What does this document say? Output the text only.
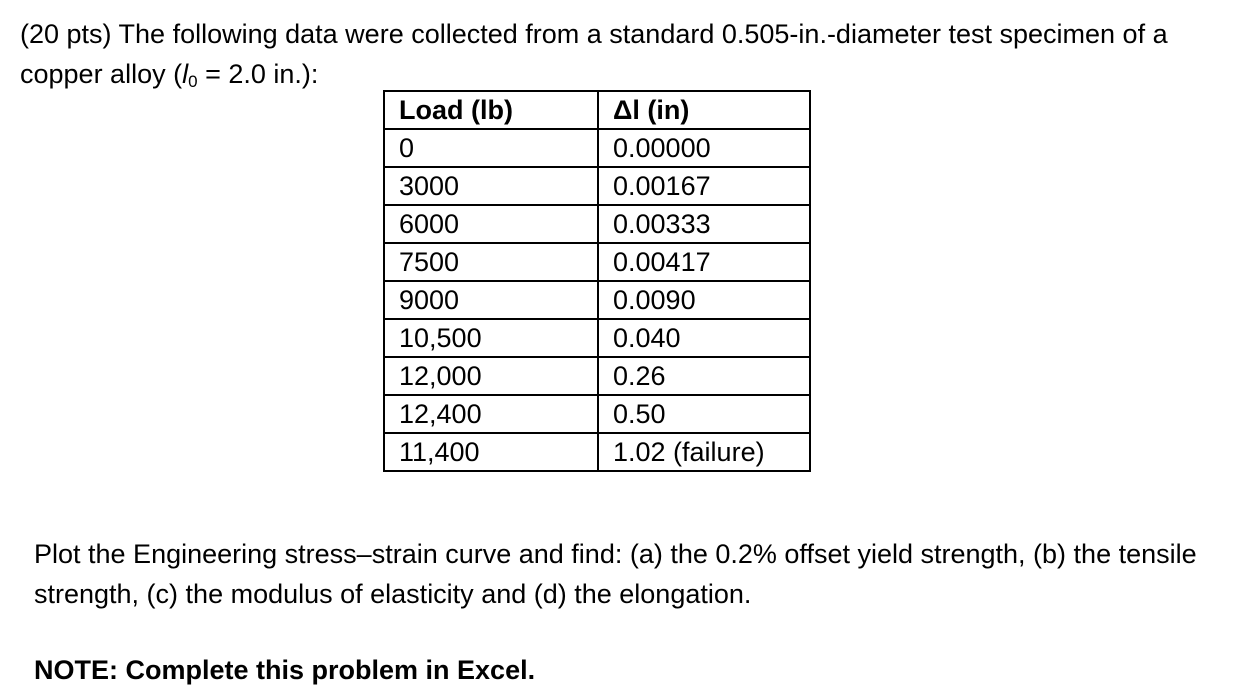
(20 pts) The following data were collected from a standard 0.505-in.-diameter test specimen of a copper alloy ($l_0 = 2.0$ in.):
Load (lb)	Δl (in)
0	0.00000
3000	0.00167
6000	0.00333
7500	0.00417
9000	0.0090
10,500	0.040
12,000	0.26
12,400	0.50
11,400	1.02 (failure)
Plot the Engineering stress–strain curve and find: (a) the 0.2% offset yield strength, (b) the tensile strength, (c) the modulus of elasticity and (d) the elongation.
NOTE: Complete this problem in Excel.
